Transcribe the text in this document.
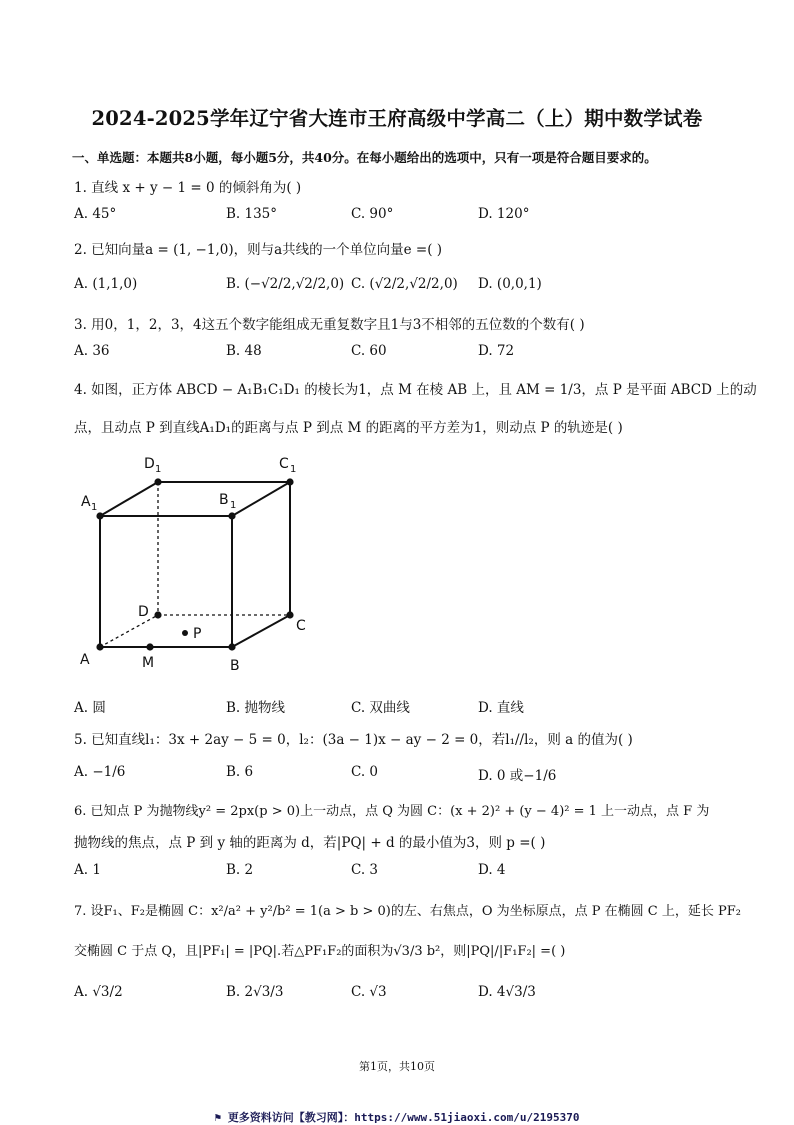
2024-2025学年辽宁省大连市王府高级中学高二（上）期中数学试卷
一、单选题：本题共8小题，每小题5分，共40分。在每小题给出的选项中，只有一项是符合题目要求的。
1. 直线 x + y − 1 = 0 的倾斜角为( )
A. 45°	B. 135°	C. 90°	D. 120°
2. 已知向量a = (1, −1,0)，则与a共线的一个单位向量e =( )
A. (1,1,0)	B. (−√2/2,√2/2,0) C. (√2/2,√2/2,0) D. (0,0,1)
3. 用0，1，2，3，4这五个数字能组成无重复数字且1与3不相邻的五位数的个数有( )
A. 36	B. 48	C. 60	D. 72
4. 如图，正方体 ABCD − A₁B₁C₁D₁ 的棱长为1，点 M 在棱 AB 上，且 AM = 1/3，点 P 是平面 ABCD 上的动
点，且动点 P 到直线A₁D₁的距离与点 P 到点 M 的距离的平方差为1，则动点 P 的轨迹是( )
D 1	C 1
A 1	B 1
D
C
A	B
M
P
A. 圆	B. 抛物线	C. 双曲线	D. 直线
5. 已知直线l₁：3x + 2ay − 5 = 0，l₂：(3a − 1)x − ay − 2 = 0，若l₁//l₂，则 a 的值为( )
A. −1/6	B. 6	C. 0	D. 0 或−1/6
6. 已知点 P 为抛物线y² = 2px(p > 0)上一动点，点 Q 为圆 C：(x + 2)² + (y − 4)² = 1 上一动点，点 F 为
抛物线的焦点，点 P 到 y 轴的距离为 d，若|PQ| + d 的最小值为3，则 p =( )
A. 1	B. 2	C. 3	D. 4
7. 设F₁、F₂是椭圆 C：x²/a² + y²/b² = 1(a > b > 0)的左、右焦点，O 为坐标原点，点 P 在椭圆 C 上，延长 PF₂
交椭圆 C 于点 Q，且|PF₁| = |PQ|.若△PF₁F₂的面积为√3/3 b²，则|PQ|/|F₁F₂| =( )
A. √3/2	B. 2√3/3	C. √3	D. 4√3/3
第1页，共10页
⚑ 更多资料访问【教习网】：https://www.51jiaoxi.com/u/2195370
